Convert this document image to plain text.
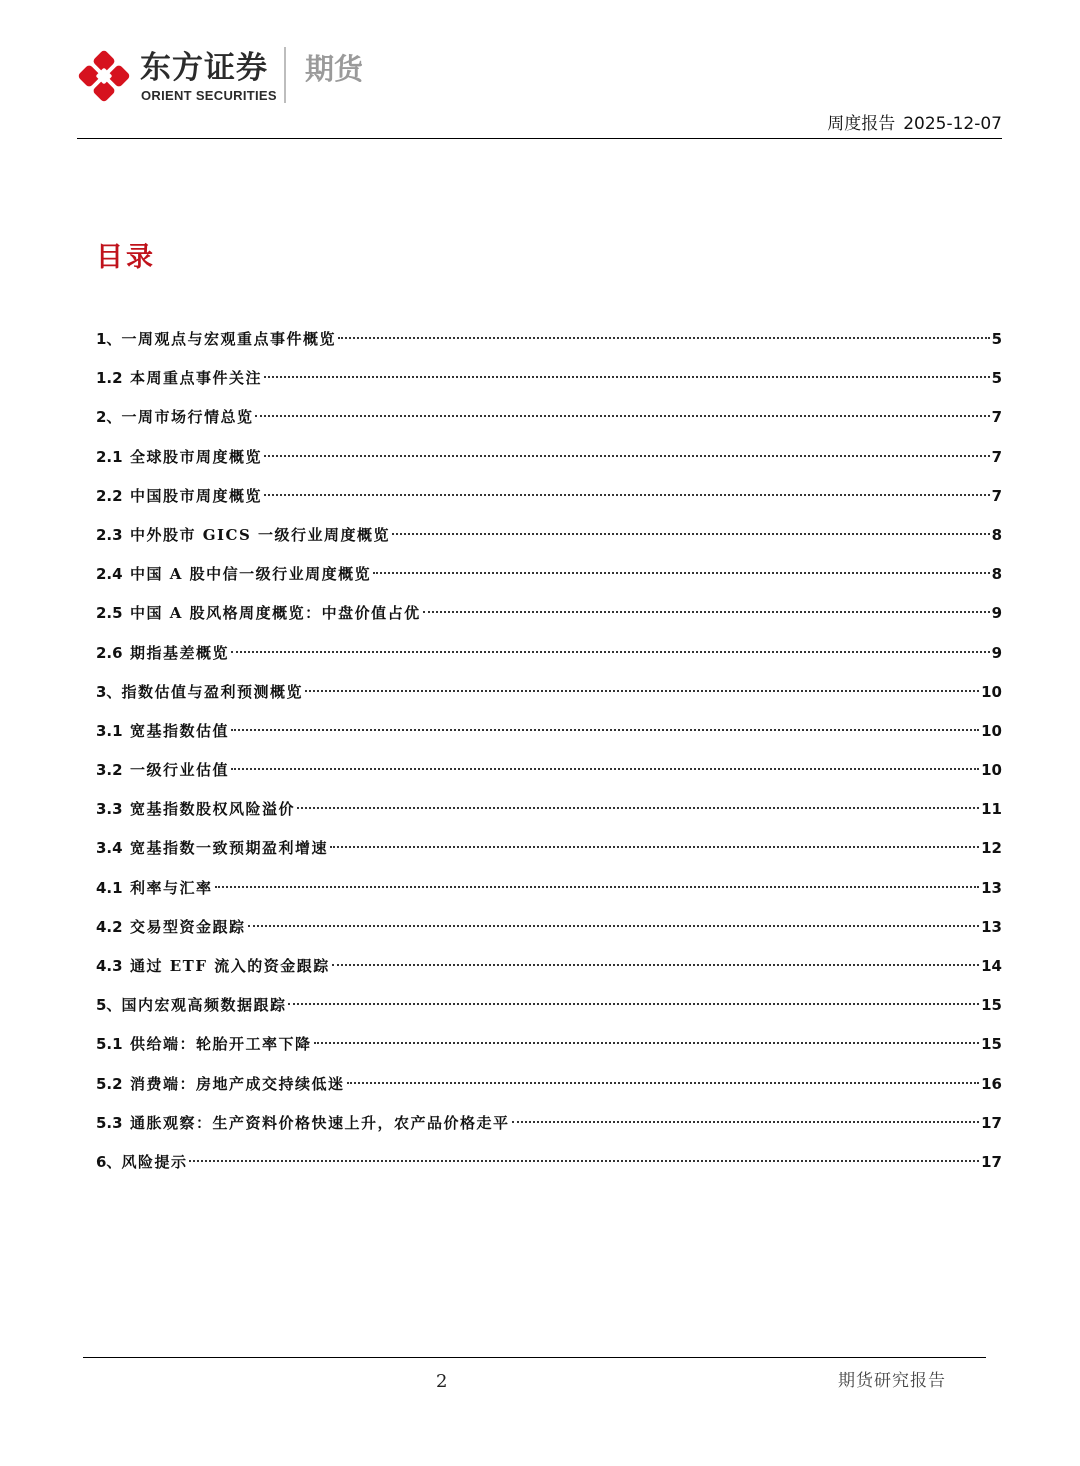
东方证券
ORIENT SECURITIES
期货
周度报告 2025-12-07
目录
1、一周观点与宏观重点事件概览	5
1.2 本周重点事件关注	5
2、一周市场行情总览	7
2.1 全球股市周度概览	7
2.2 中国股市周度概览	7
2.3 中外股市 GICS 一级行业周度概览	8
2.4 中国 A 股中信一级行业周度概览	8
2.5 中国 A 股风格周度概览：中盘价值占优	9
2.6 期指基差概览	9
3、指数估值与盈利预测概览	10
3.1 宽基指数估值	10
3.2 一级行业估值	10
3.3 宽基指数股权风险溢价	11
3.4 宽基指数一致预期盈利增速	12
4.1 利率与汇率	13
4.2 交易型资金跟踪	13
4.3 通过 ETF 流入的资金跟踪	14
5、国内宏观高频数据跟踪	15
5.1 供给端：轮胎开工率下降	15
5.2 消费端：房地产成交持续低迷	16
5.3 通胀观察：生产资料价格快速上升，农产品价格走平	17
6、风险提示	17
2	期货研究报告
